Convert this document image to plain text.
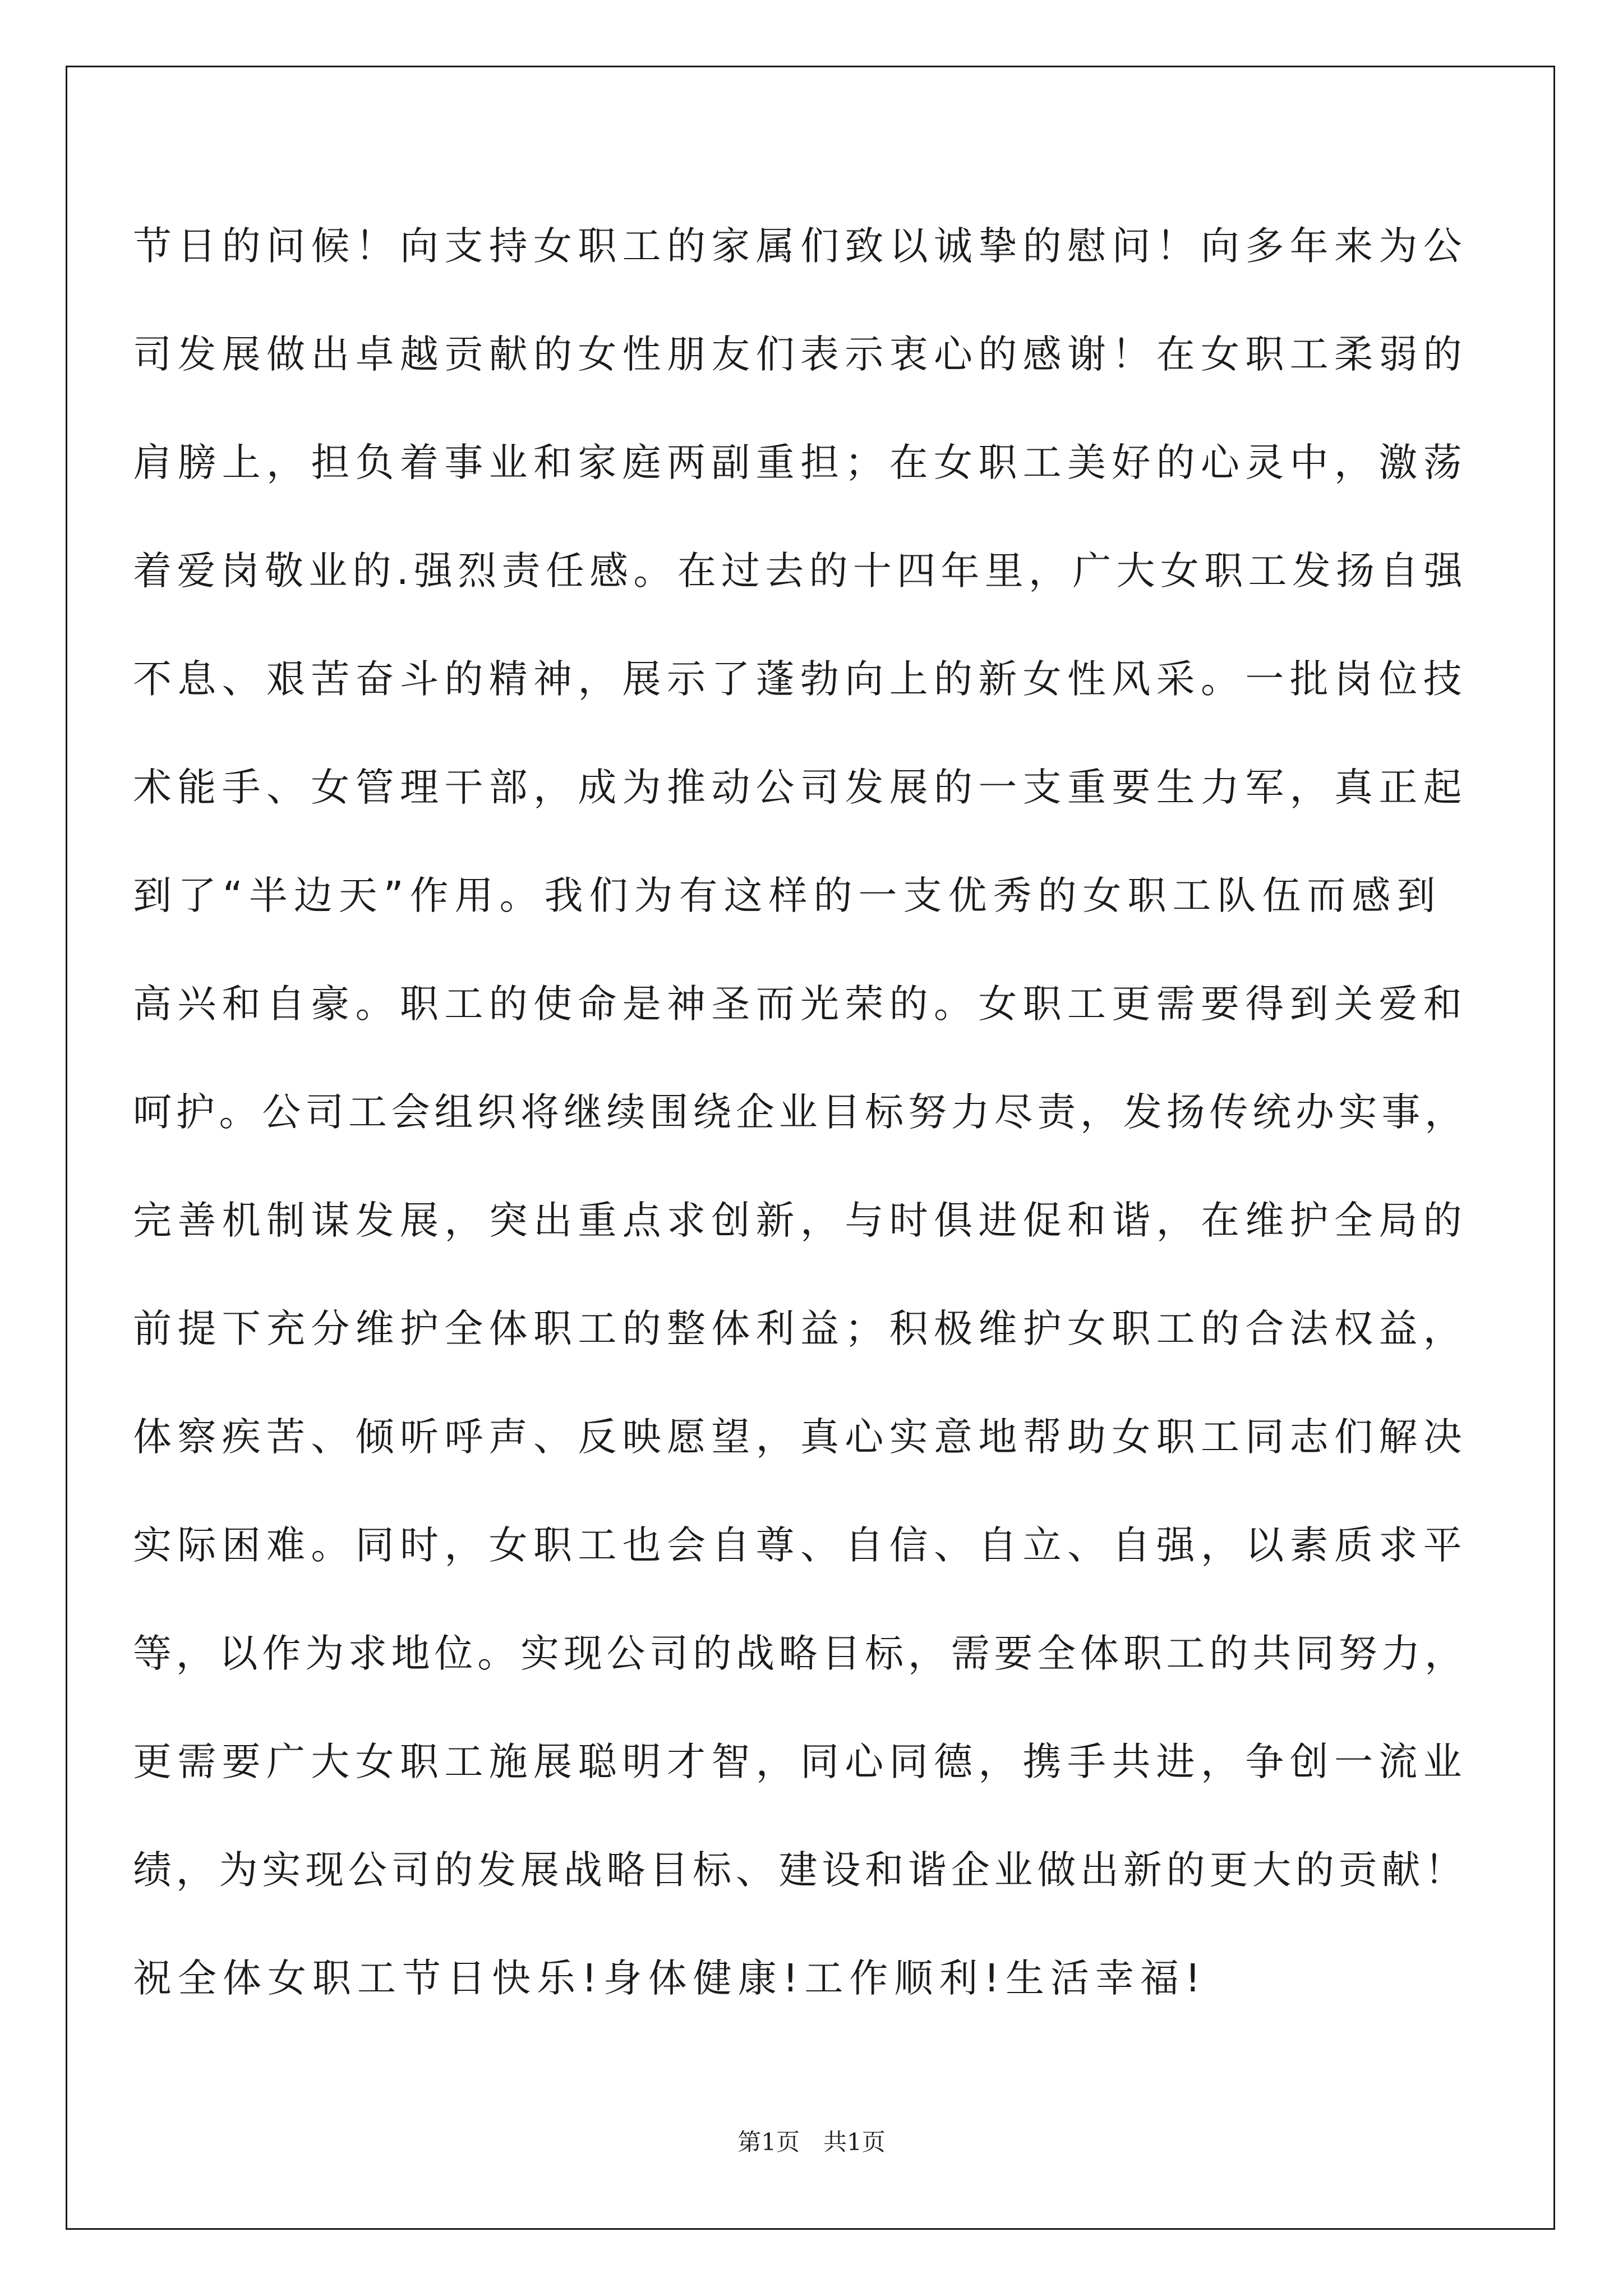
节日的问候！向支持女职工的家属们致以诚挚的慰问！向多年来为公
司发展做出卓越贡献的女性朋友们表示衷心的感谢！在女职工柔弱的
肩膀上，担负着事业和家庭两副重担；在女职工美好的心灵中，激荡
着爱岗敬业的.强烈责任感。在过去的十四年里，广大女职工发扬自强
不息、艰苦奋斗的精神，展示了蓬勃向上的新女性风采。一批岗位技
术能手、女管理干部，成为推动公司发展的一支重要生力军，真正起
到了“半边天”作用。我们为有这样的一支优秀的女职工队伍而感到
高兴和自豪。职工的使命是神圣而光荣的。女职工更需要得到关爱和
呵护。公司工会组织将继续围绕企业目标努力尽责，发扬传统办实事，
完善机制谋发展，突出重点求创新，与时俱进促和谐，在维护全局的
前提下充分维护全体职工的整体利益；积极维护女职工的合法权益，
体察疾苦、倾听呼声、反映愿望，真心实意地帮助女职工同志们解决
实际困难。同时，女职工也会自尊、自信、自立、自强，以素质求平
等，以作为求地位。实现公司的战略目标，需要全体职工的共同努力，
更需要广大女职工施展聪明才智，同心同德，携手共进，争创一流业
绩，为实现公司的发展战略目标、建设和谐企业做出新的更大的贡献！
祝全体女职工节日快乐!身体健康!工作顺利!生活幸福!
第1页　共1页
